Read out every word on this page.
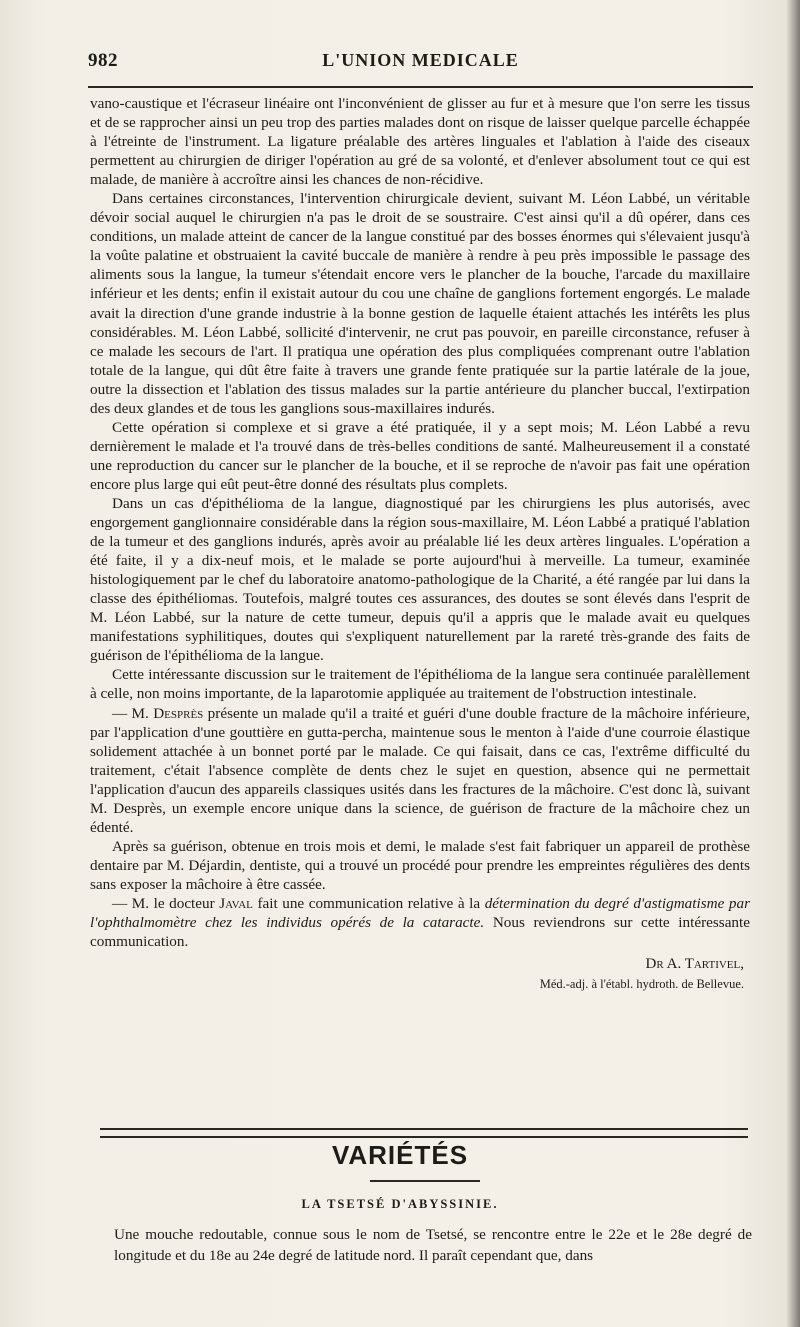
982	L'UNION MEDICALE

vano-caustique et l'écraseur linéaire ont l'inconvénient de glisser au fur et à mesure que l'on serre les tissus et de se rapprocher ainsi un peu trop des parties malades dont on risque de laisser quelque parcelle échappée à l'étreinte de l'instrument. La ligature préalable des artères linguales et l'ablation à l'aide des ciseaux permettent au chirurgien de diriger l'opération au gré de sa volonté, et d'enlever absolument tout ce qui est malade, de manière à accroître ainsi les chances de non-récidive.

Dans certaines circonstances, l'intervention chirurgicale devient, suivant M. Léon Labbé, un véritable dévoir social auquel le chirurgien n'a pas le droit de se soustraire. C'est ainsi qu'il a dû opérer, dans ces conditions, un malade atteint de cancer de la langue constitué par des bosses énormes qui s'élevaient jusqu'à la voûte palatine et obstruaient la cavité buccale de manière à rendre à peu près impossible le passage des aliments sous la langue, la tumeur s'étendait encore vers le plancher de la bouche, l'arcade du maxillaire inférieur et les dents; enfin il existait autour du cou une chaîne de ganglions fortement engorgés. Le malade avait la direction d'une grande industrie à la bonne gestion de laquelle étaient attachés les intérêts les plus considérables. M. Léon Labbé, sollicité d'intervenir, ne crut pas pouvoir, en pareille circonstance, refuser à ce malade les secours de l'art. Il pratiqua une opération des plus compliquées comprenant outre l'ablation totale de la langue, qui dût être faite à travers une grande fente pratiquée sur la partie latérale de la joue, outre la dissection et l'ablation des tissus malades sur la partie antérieure du plancher buccal, l'extirpation des deux glandes et de tous les ganglions sous-maxillaires indurés.

Cette opération si complexe et si grave a été pratiquée, il y a sept mois; M. Léon Labbé a revu dernièrement le malade et l'a trouvé dans de très-belles conditions de santé. Malheureusement il a constaté une reproduction du cancer sur le plancher de la bouche, et il se reproche de n'avoir pas fait une opération encore plus large qui eût peut-être donné des résultats plus complets.

Dans un cas d'épithélioma de la langue, diagnostiqué par les chirurgiens les plus autorisés, avec engorgement ganglionnaire considérable dans la région sous-maxillaire, M. Léon Labbé a pratiqué l'ablation de la tumeur et des ganglions indurés, après avoir au préalable lié les deux artères linguales. L'opération a été faite, il y a dix-neuf mois, et le malade se porte aujourd'hui à merveille. La tumeur, examinée histologiquement par le chef du laboratoire anatomo-pathologique de la Charité, a été rangée par lui dans la classe des épithéliomas. Toutefois, malgré toutes ces assurances, des doutes se sont élevés dans l'esprit de M. Léon Labbé, sur la nature de cette tumeur, depuis qu'il a appris que le malade avait eu quelques manifestations syphilitiques, doutes qui s'expliquent naturellement par la rareté très-grande des faits de guérison de l'épithélioma de la langue.

Cette intéressante discussion sur le traitement de l'épithélioma de la langue sera continuée paralèllement à celle, non moins importante, de la laparotomie appliquée au traitement de l'obstruction intestinale.

— M. Desprès présente un malade qu'il a traité et guéri d'une double fracture de la mâchoire inférieure, par l'application d'une gouttière en gutta-percha, maintenue sous le menton à l'aide d'une courroie élastique solidement attachée à un bonnet porté par le malade. Ce qui faisait, dans ce cas, l'extrême difficulté du traitement, c'était l'absence complète de dents chez le sujet en question, absence qui ne permettait l'application d'aucun des appareils classiques usités dans les fractures de la mâchoire. C'est donc là, suivant M. Desprès, un exemple encore unique dans la science, de guérison de fracture de la mâchoire chez un édenté.

Après sa guérison, obtenue en trois mois et demi, le malade s'est fait fabriquer un appareil de prothèse dentaire par M. Déjardin, dentiste, qui a trouvé un procédé pour prendre les empreintes régulières des dents sans exposer la mâchoire à être cassée.

— M. le docteur Javal fait une communication relative à la détermination du degré d'astigmatisme par l'ophthalmomètre chez les individus opérés de la cataracte. Nous reviendrons sur cette intéressante communication.

Dr A. Tartivel,
Méd.-adj. à l'établ. hydroth. de Bellevue.
VARIÉTÉS
LA TSETSÉ D'ABYSSINIE.

Une mouche redoutable, connue sous le nom de Tsetsé, se rencontre entre le 22e et le 28e degré de longitude et du 18e au 24e degré de latitude nord. Il paraît cependant que, dans
